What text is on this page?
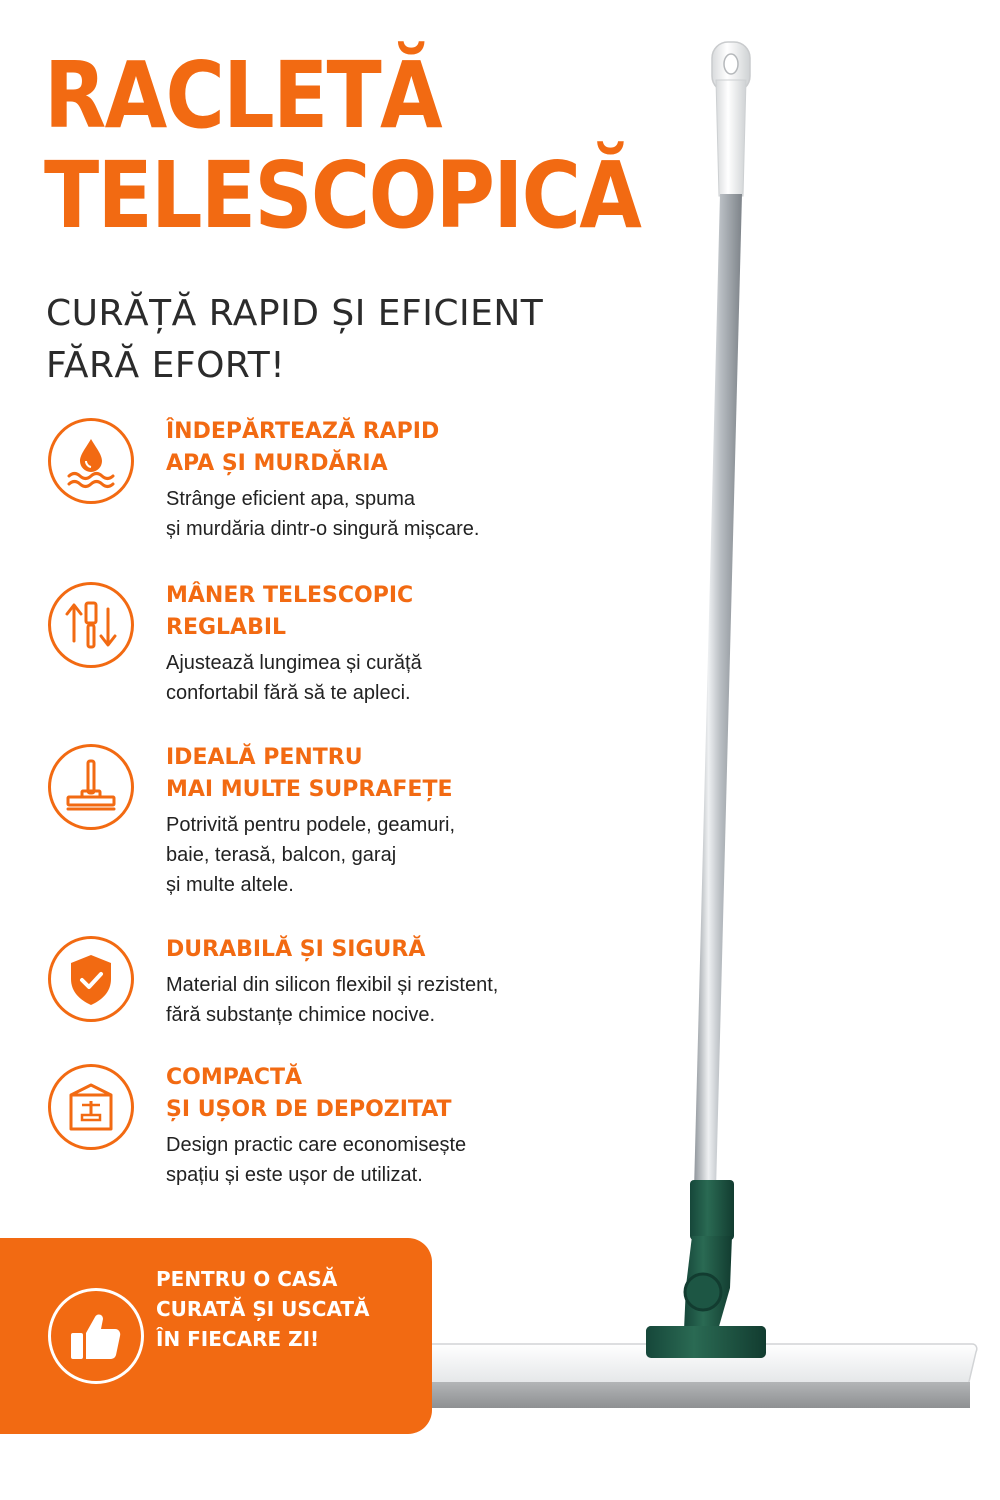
RACLETĂ
TELESCOPICĂ
CURĂȚĂ RAPID ȘI EFICIENT
FĂRĂ EFORT!
ÎNDEPĂRTEAZĂ RAPID
APA ȘI MURDĂRIA
Strânge eficient apa, spuma
și murdăria dintr-o singură mișcare.
MÂNER TELESCOPIC
REGLABIL
Ajustează lungimea și curăță
confortabil fără să te apleci.
IDEALĂ PENTRU
MAI MULTE SUPRAFEȚE
Potrivită pentru podele, geamuri,
baie, terasă, balcon, garaj
și multe altele.
DURABILĂ ȘI SIGURĂ
Material din silicon flexibil și rezistent,
fără substanțe chimice nocive.
COMPACTĂ
ȘI UȘOR DE DEPOZITAT
Design practic care economisește
spațiu și este ușor de utilizat.
PENTRU O CASĂ
CURATĂ ȘI USCATĂ
ÎN FIECARE ZI!
